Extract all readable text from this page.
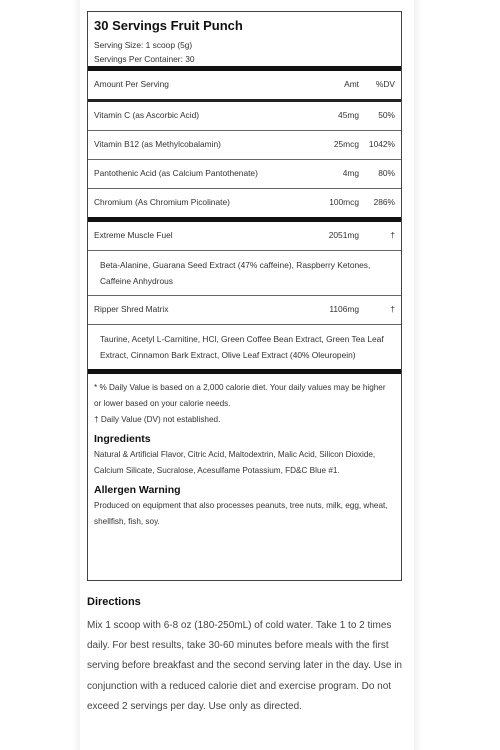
30 Servings Fruit Punch
Serving Size: 1 scoop (5g)
Servings Per Container: 30
Amount Per Serving	Amt	%DV
Vitamin C (as Ascorbic Acid)	45mg	50%
Vitamin B12 (as Methylcobalamin)	25mcg	1042%
Pantothenic Acid (as Calcium Pantothenate)	4mg	80%
Chromium (As Chromium Picolinate)	100mcg	286%
Extreme Muscle Fuel	2051mg	†
Beta-Alanine, Guarana Seed Extract (47% caffeine), Raspberry Ketones, Caffeine Anhydrous
Ripper Shred Matrix	1106mg	†
Taurine, Acetyl L-Carnitine, HCl, Green Coffee Bean Extract, Green Tea Leaf Extract, Cinnamon Bark Extract, Olive Leaf Extract (40% Oleuropein)
* % Daily Value is based on a 2,000 calorie diet. Your daily values may be higher or lower based on your calorie needs.
† Daily Value (DV) not established.
Ingredients
Natural & Artificial Flavor, Citric Acid, Maltodextrin, Malic Acid, Silicon Dioxide, Calcium Silicate, Sucralose, Acesulfame Potassium, FD&C Blue #1.
Allergen Warning
Produced on equipment that also processes peanuts, tree nuts, milk, egg, wheat, shellfish, fish, soy.
Directions
Mix 1 scoop with 6-8 oz (180-250mL) of cold water. Take 1 to 2 times daily. For best results, take 30-60 minutes before meals with the first serving before breakfast and the second serving later in the day. Use in conjunction with a reduced calorie diet and exercise program. Do not exceed 2 servings per day. Use only as directed.
